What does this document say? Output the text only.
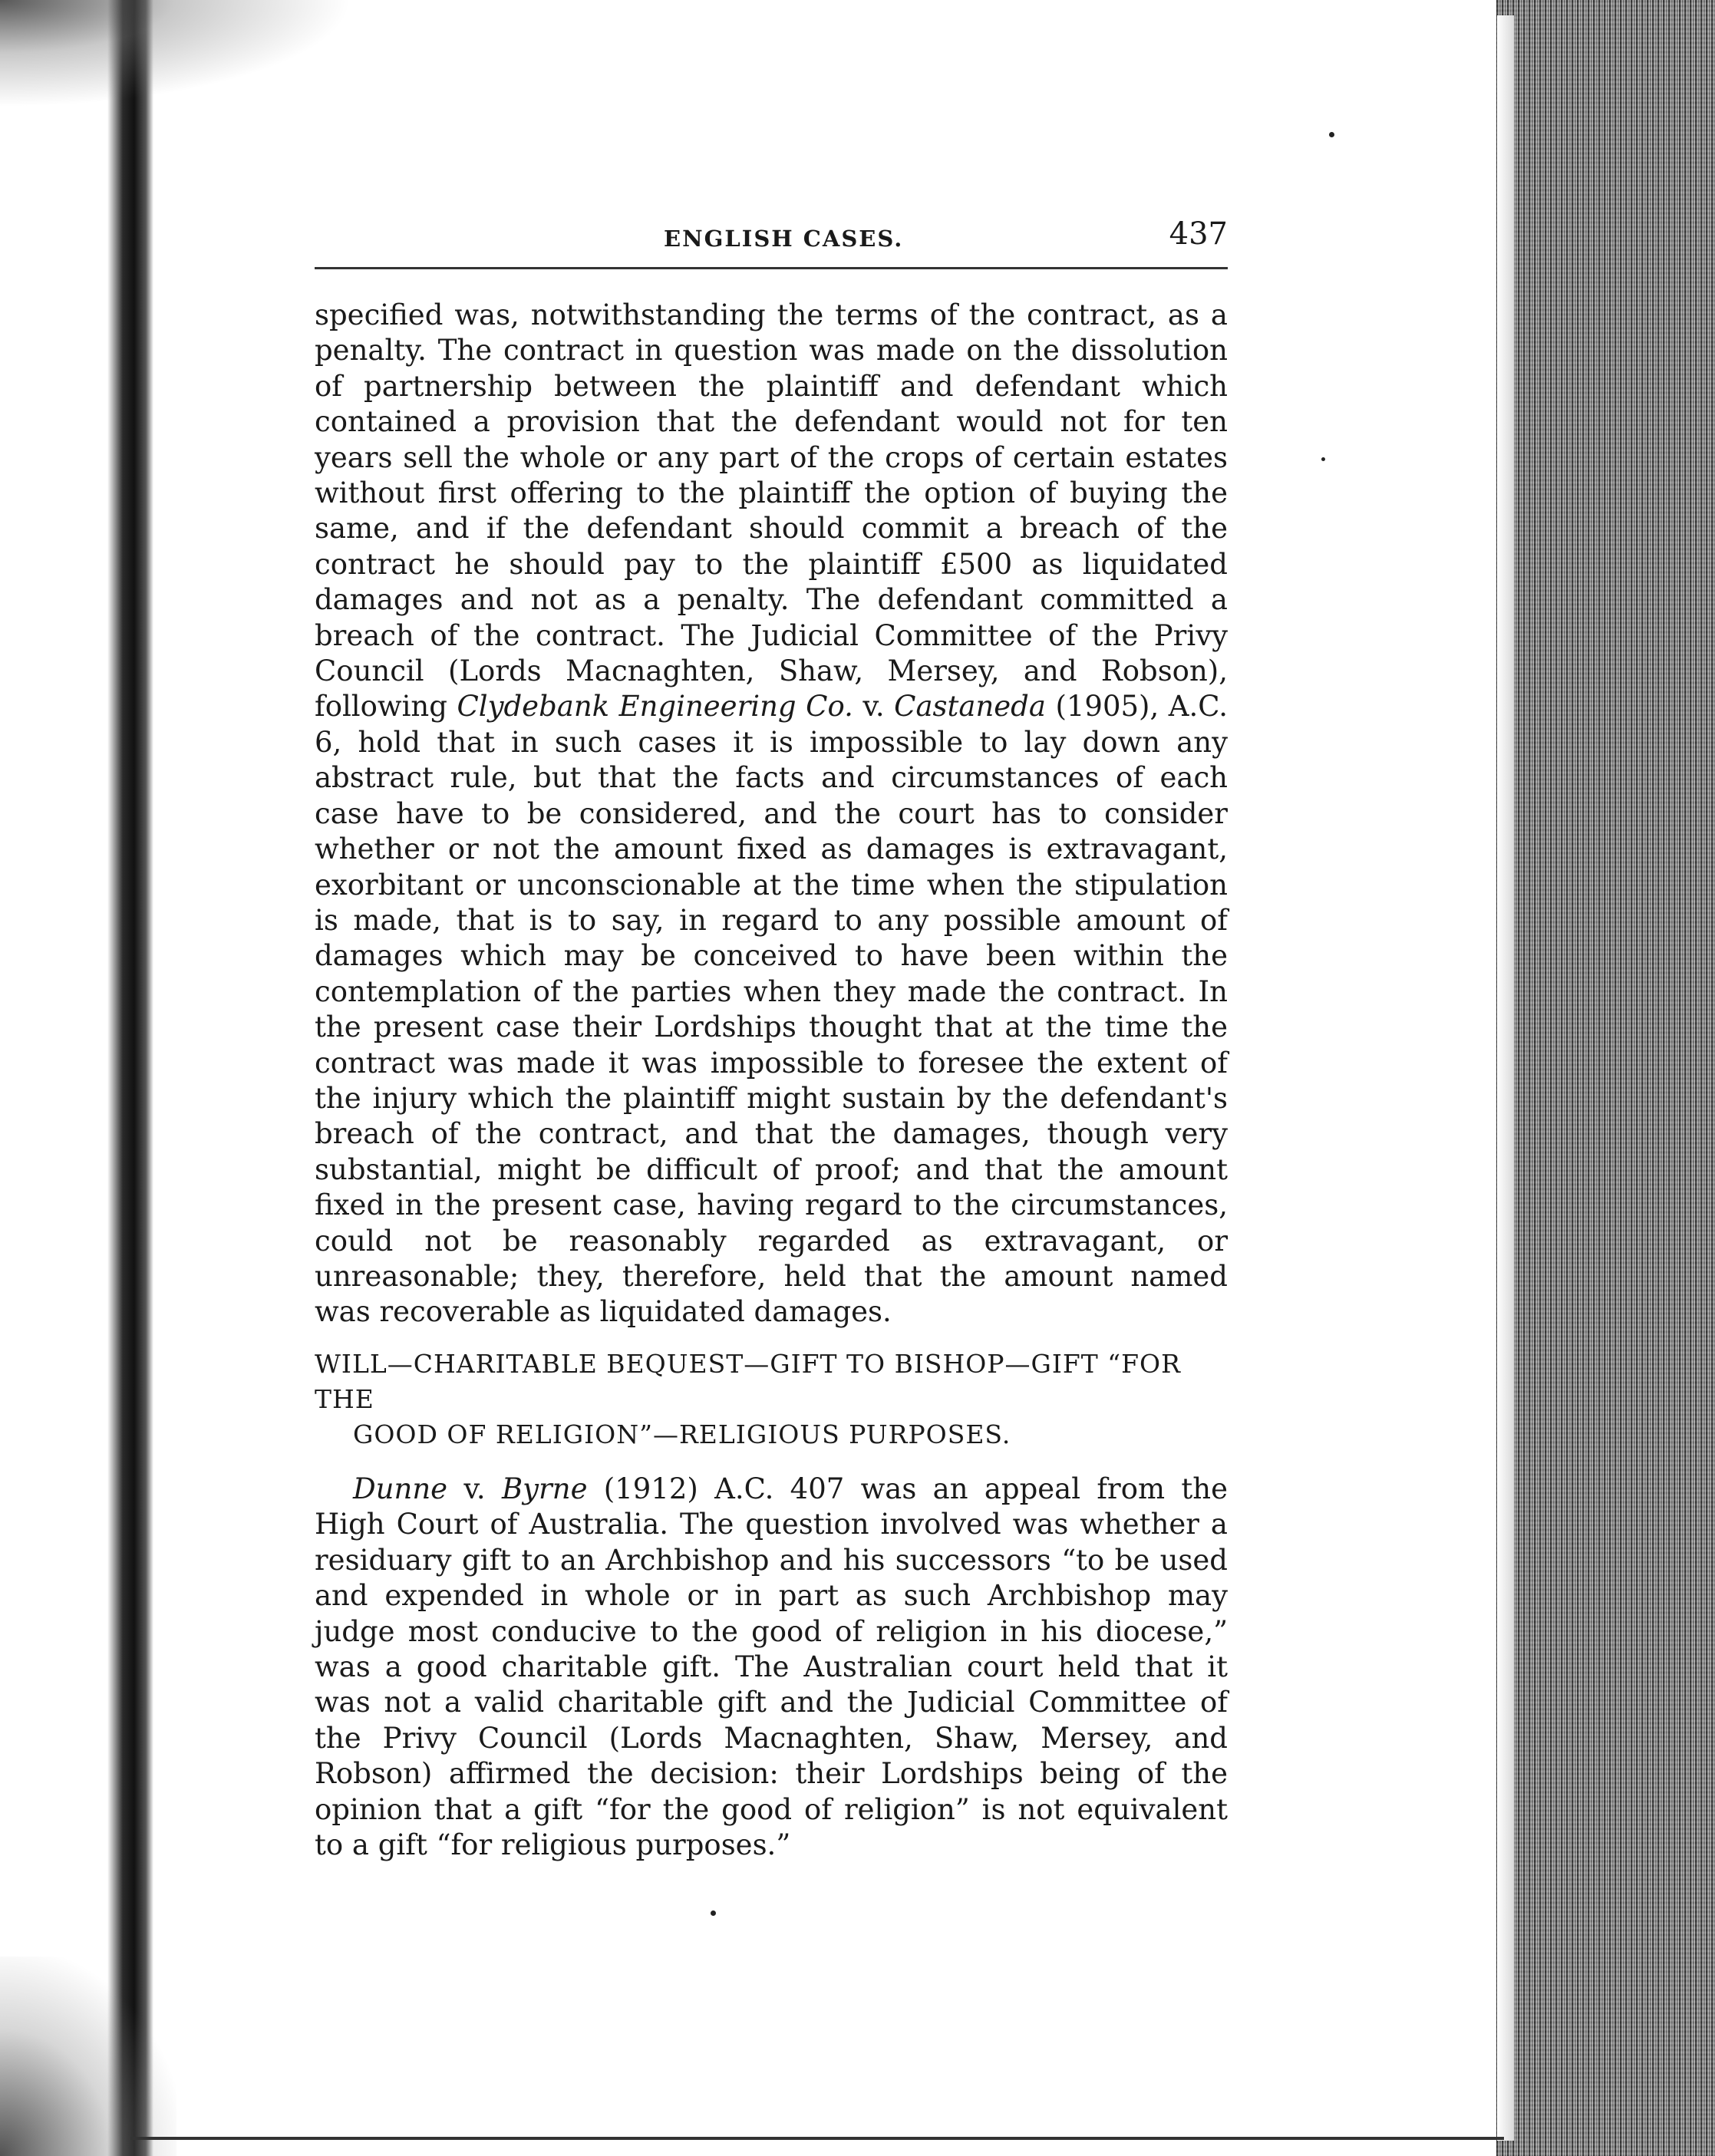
ENGLISH CASES.	437

specified was, notwithstanding the terms of the contract, as a penalty. The contract in question was made on the dissolution of partnership between the plaintiff and defendant which contained a provision that the defendant would not for ten years sell the whole or any part of the crops of certain estates without first offering to the plaintiff the option of buying the same, and if the defendant should commit a breach of the contract he should pay to the plaintiff £500 as liquidated damages and not as a penalty. The defendant committed a breach of the contract. The Judicial Committee of the Privy Council (Lords Macnaghten, Shaw, Mersey, and Robson), following Clydebank Engineering Co. v. Castaneda (1905), A.C. 6, hold that in such cases it is impossible to lay down any abstract rule, but that the facts and circumstances of each case have to be considered, and the court has to consider whether or not the amount fixed as damages is extravagant, exorbitant or unconscionable at the time when the stipulation is made, that is to say, in regard to any possible amount of damages which may be conceived to have been within the contemplation of the parties when they made the contract. In the present case their Lordships thought that at the time the contract was made it was impossible to foresee the extent of the injury which the plaintiff might sustain by the defendant's breach of the contract, and that the damages, though very substantial, might be difficult of proof; and that the amount fixed in the present case, having regard to the circumstances, could not be reasonably regarded as extravagant, or unreasonable; they, therefore, held that the amount named was recoverable as liquidated damages.

WILL—CHARITABLE BEQUEST—GIFT TO BISHOP—GIFT “FOR THE
GOOD OF RELIGION”—RELIGIOUS PURPOSES.

Dunne v. Byrne (1912) A.C. 407 was an appeal from the High Court of Australia. The question involved was whether a residuary gift to an Archbishop and his successors “to be used and expended in whole or in part as such Archbishop may judge most conducive to the good of religion in his diocese,” was a good charitable gift. The Australian court held that it was not a valid charitable gift and the Judicial Committee of the Privy Council (Lords Macnaghten, Shaw, Mersey, and Robson) affirmed the decision: their Lordships being of the opinion that a gift “for the good of religion” is not equivalent to a gift “for religious purposes.”
